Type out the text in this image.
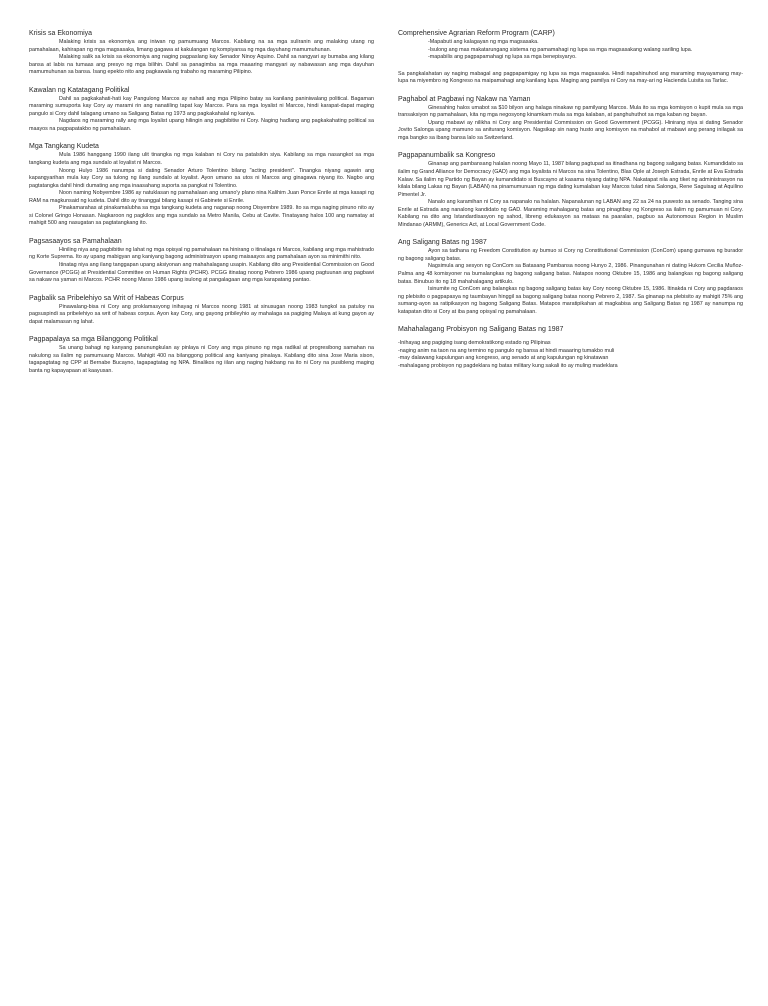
Krisis sa Ekonomiya

Malaking krisis sa ekonomiya ang iniwan ng pamumuang Marcos. Kabilang na sa mga suliranin ang malaking utang ng pamahalaan, kahirapan ng mga magsasaka, limang gagawa at kakulangan ng kompiyansa ng mga dayuhang mamumuhunan.

Malaking salik sa krisis sa ekonomiya ang naging pagpaslang kay Senador Ninoy Aquino. Dahil sa nangyari ay bumaba ang kilang bansa at labis na tumaas ang presyo ng mga bilihin. Dahil sa panagimba sa mga maaaring mangyari ay nabawasan ang mga dayuhan mamumuhunan sa bansa. Isang epekto nito ang pagkawala ng trabaho ng maraming Pilipino.

Kawalan ng Katatagang Politikal

Dahil sa pagkakahati-hati kay Pangulong Marcos ay nahati ang mga Pilipino batay sa kanilang paniniwalang political. Bagaman maraming sumuporta kay Cory ay marami rin ang nanatiling tapat kay Marcos. Para sa mga loyalist ni Marcos, hindi karapat-dapat maging pangulo si Cory dahil talagang umano sa Saligang Batas ng 1973 ang pagkakahalal ng kaniya.

Nagdaos ng maraming rally ang mga loyalist upang hilingin ang pagbibitiw ni Cory. Naging hadlang ang pagkakahating political sa maayos na pagpapatakbo ng pamahalaan.

Mga Tangkang Kudeta

Mula 1986 hanggang 1990 ilang ulit tinangka ng mga kalaban ni Cory na patalsikin siya. Kabilang sa mga nasangkot sa mga tangkang kudeta ang mga sundalo at loyalist ni Marcos.

Noong Hulyo 1986 nanumpa si dating Senador Arturo Tolentino bilang "acting president". Tinangka niyang agawin ang kapangyarihan mula kay Cory sa tulong ng ilang sundalo at loyalist. Ayon umano sa utos ni Marcos ang ginagawa niyang ito. Nagbo ang pagtatangka dahil hindi dumating ang mga inaasahang suporta sa pangkat ni Tolentino.

Noon naming Nobyembre 1986 ay natuklasan ng pamahalaan ang umano'y plano nina Kalihim Juan Ponce Enrile at mga kasapi ng RAM na magkunsaid ng kudeta. Dahil dito ay tinanggal bilang kasapi ni Gabinete si Enrile.

Pinakamarahas at pinakamalubha sa mga tangkang kudeta ang naganap noong Disyembre 1989. Ito sa mga naging pinuno nito ay si Colonel Gringo Honasan. Nagkaroon ng pagkilos ang mga sundalo sa Metro Manila, Cebu at Cavite. Tinatayang halos 100 ang namatay at mahigit 500 ang nasugatan sa pagtatangkang ito.

Pagsasaayos sa Pamahalaan

Hiniling niya ang pagbibitiw ng lahat ng mga opisyal ng pamahalaan na hinirang o itinalaga ni Marcos, kabilang ang mga mahistrado ng Korte Suprema. Ito ay upang mabigyan ang kaniyang bagong administrasyon upang maisaayos ang pamahalaan ayon sa minimithi nito.

Itinatag niya ang ilang tanggapan upang aksiyonan ang mahahalagang usapin. Kabilang dito ang Presidential Commission on Good Governance (PCGG) at Presidential Committee on Human Rights (PCHR). PCGG itinatag noong Pebrero 1986 upang pagtuunan ang pagbawi sa nakaw na yaman ni Marcos. PCHR noong Marso 1986 upang isulong at pangalagaan ang mga karapatang pantao.

Pagbalik sa Pribelehiyo sa Writ of Habeas Corpus

Pinawalang-bisa ni Cory ang proklamasyong inihayag ni Marcos noong 1981 at sinusugan noong 1983 tungkol sa patuloy na pagsuspindi sa pribelehiyo sa writ of habeas corpus. Ayon kay Cory, ang gayong pribileyhio ay mahalaga sa pagiging Malaya at kung gayon ay dapat malamasan ng lahat.

Pagpapalaya sa mga Bilanggong Politikal

Sa unang bahagi ng kanyang panunungkulan ay pinlaya ni Cory ang mga pinuno ng mga radikal at progresibong samahan na nakulong sa ilalim ng pamumuang Marcos. Mahigit 400 na bilanggong political ang kaniyang pinalaya. Kabilang dito sina Jose Maria sison, tagapagtatag ng CPP at Bernabe Bucayno, tagapagtatag ng NPA. Binalikos ng iilan ang naging hakbang na ito ni Cory na pusibleng maging banta ng kapayapaan at kaayusan.

Comprehensive Agrarian Reform Program (CARP)

-Mapabuti ang kalagayan ng mga magsasaka.

-Isulong ang mas makatarungang sistema ng pamamahagi ng lupa sa mga magsasakang walang sariling lupa.

-mapabilis ang pagpapamahagi ng lupa sa mga benepisyaryo.

Sa pangkalahatan ay naging mabagal ang pagpapamigay ng lupa sa mga magsasaka. Hindi napahinuhod ang maraming mayayamang may-lupa na miyembro ng Kongreso na maipamahagi ang kanilang lupa. Maging ang pamilya ni Cory na may-ari ng Hacienda Luisita sa Tarlac.

Paghabol at Pagbawi ng Nakaw na Yaman

Ginesahing halos umabot sa $10 bilyon ang halaga ninakaw ng pamilyang Marcos. Mula ito sa mga komisyon o kupit mula sa mga transaksiyon ng pamahalaan, kita ng mga negosyong kinamkam mula sa mga kalaban, at panghuhuthot sa mga kaban ng bayan.

Upang mabawi ay nilikha ni Cory ang Presidential Commission on Good Government (PCGG). Hinirang niya si dating Senador Jovito Salonga upang mamuno sa aniturang komisyon. Nagsikap sin nang husto ang komisyon na mahabol at mabawi ang perang inilagak sa mga bangko sa ibang bansa lalo sa Switzerland.

Pagpapanumbalik sa Kongreso

Ginanap ang pambansang halalan noong Mayo 11, 1987 bilang pagtupad sa itinadhana ng bagong saligang batas. Kumandidato sa ilalim ng Grand Alliance for Democracy (GAD) ang mga loyalista ni Marcos na sina Tolentino, Blas Ople at Joseph Estrada, Enrile at Eva Estrada Kalaw. Sa ilalim ng Partido ng Bayan ay kumandidato si Buscayno at kasama niyang dating NPA. Nakatapat nila ang tiket ng administrasyon na kilala bilang Lakas ng Bayan (LABAN) na pinamumunuan ng mga dating kumalaban kay Marcos tulad nina Salonga, Rene Saguisag at Aquilino Pimentel Jr.

Nanalo ang karamihan ni Cory sa napanalo na halalan. Napanalunan ng LABAN ang 22 sa 24 na puwesto sa senado. Tanging sina Enrile at Estrada ang nanalong kandidato ng GAD. Maraming mahalagang batas ang pinagtibay ng Kongreso sa ilalim ng pamumuan ni Cory. Kabilang na dito ang Istandardisasyon ng sahod, libreng edukasyon sa mataas na paaralan, pagbuo sa Autonomous Region in Muslim Mindanao (ARMM), Generics Act, at Local Government Code.

Ang Saligang Batas ng 1987

Ayon sa tadhana ng Freedom Constitution ay bumuo si Cory ng Constitutional Commission (ConCom) upang gumawa ng burador ng bagong saligang batas.

Nagsimula ang sesyon ng ConCom sa Batasang Pambansa noong Hunyo 2, 1986. Pinangunahan ni dating Hukom Cecilia Muñoz-Palma ang 48 komisyoner na bumalangkas ng bagong saligang batas. Natapos noong Oktubre 15, 1986 ang balangkas ng bagong saligang batas. Binubuo ito ng 18 mahahalagang artikulo.

Isinumite ng ConCom ang balangkas ng bagong saligang batas kay Cory noong Oktubre 15, 1986. Itinakda ni Cory ang pagdaraos ng plebisito o pagpapasya ng taumbayan hinggil sa bagong saligang batas noong Pebrero 2, 1987. Sa ginanap na plebisito ay mahigit 75% ang sumang-ayon sa ratipikasyon ng bagong Saligang Batas. Matapos maratipikahan at magkabisa ang Saligang Batas ng 1987 ay nanumpa ng katapatan dito si Cory at iba pang opisyal ng pamahalaan.

Mahahalagang Probisyon ng Saligang Batas ng 1987

-Inihayag ang pagiging isang demokratikong estado ng Pilipinas

-naging anim na taon na ang termino ng pangulo ng bansa at hindi maaaring tumakbo muli

-may dalawang kapulungan ang kongreso, ang senado at ang kapulungan ng kinatawan

-mahalagang probisyon ng pagdeklara ng batas military kung sakali ito ay muling madeklara
